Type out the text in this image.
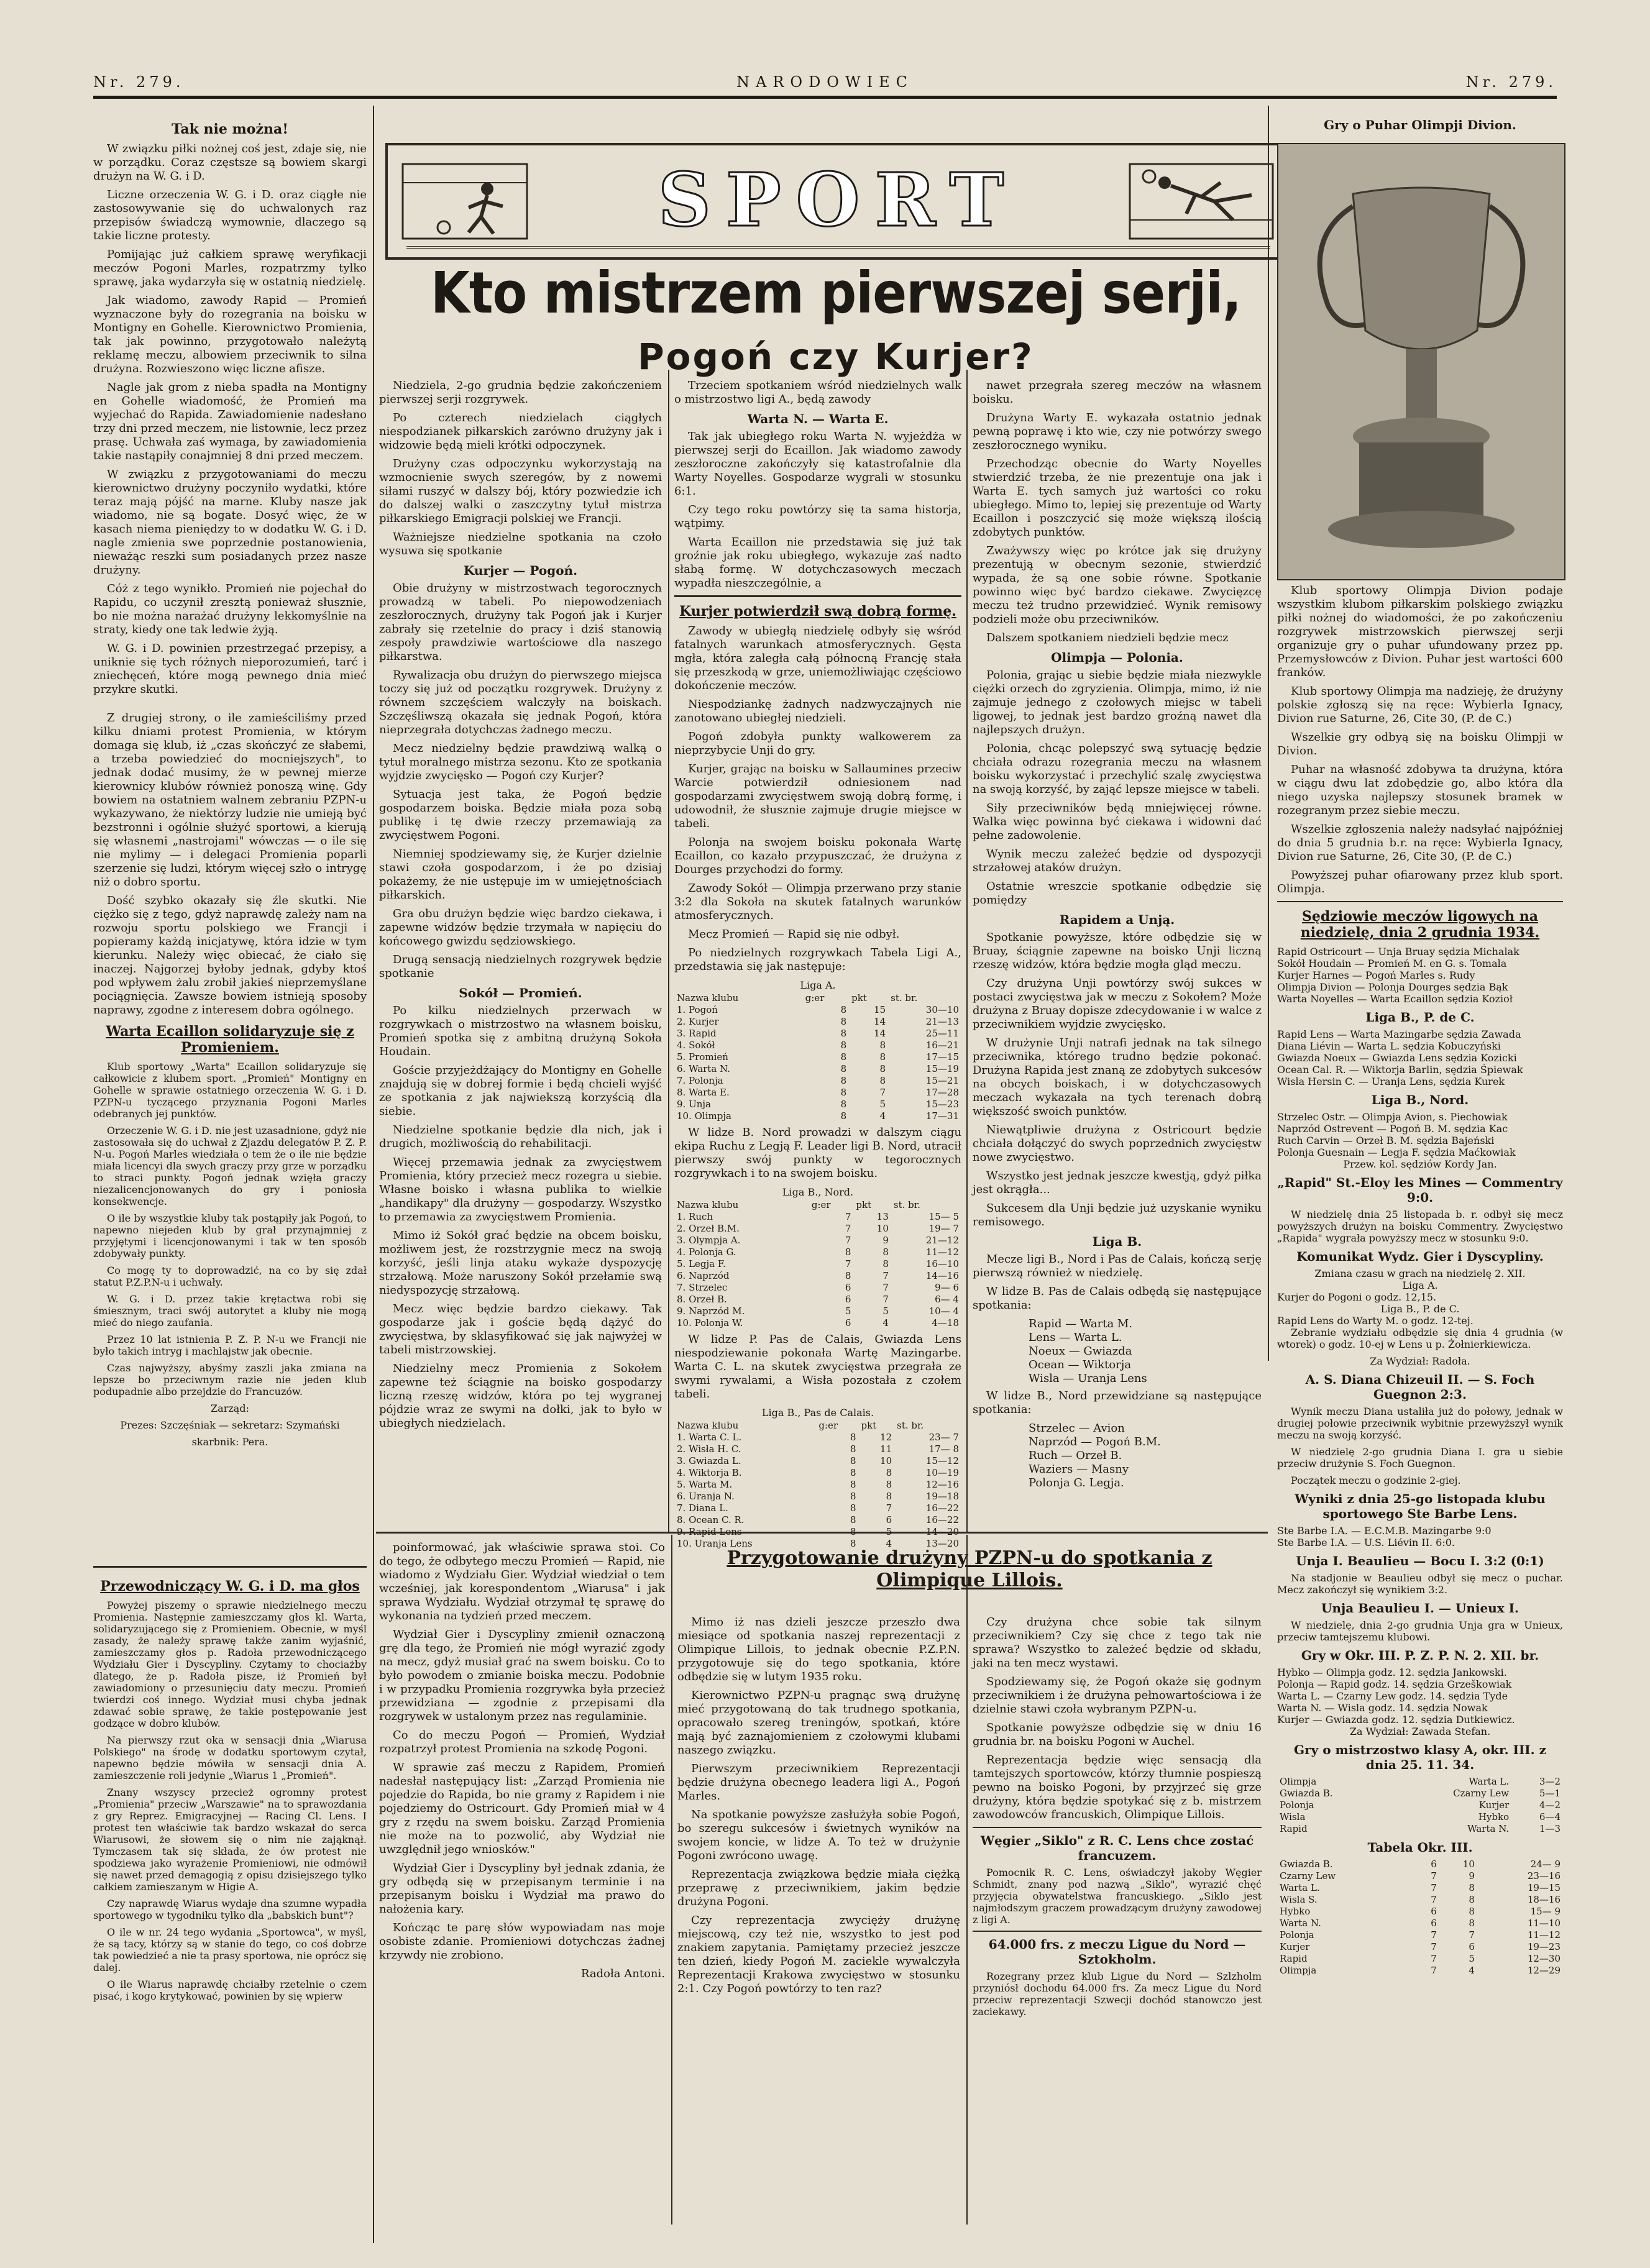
Nr. 279.	NARODOWIEC	Nr. 279.
SPORT
Kto mistrzem pierwszej serji,
Pogoń czy Kurjer?
Gry o Puhar Olimpji Divion.
Tak nie można!

W związku piłki nożnej coś jest, zdaje się, nie w porządku. Coraz częstsze są bowiem skargi drużyn na W. G. i D.

Liczne orzeczenia W. G. i D. oraz ciągłe nie zastosowywanie się do uchwalonych raz przepisów świadczą wymownie, dlaczego są takie liczne protesty.

Pomijając już całkiem sprawę weryfikacji meczów Pogoni Marles, rozpatrzmy tylko sprawę, jaka wydarzyła się w ostatnią niedzielę.

Jak wiadomo, zawody Rapid — Promień wyznaczone były do rozegrania na boisku w Montigny en Gohelle. Kierownictwo Promienia, tak jak powinno, przygotowało należytą reklamę meczu, albowiem przeciwnik to silna drużyna. Rozwieszono więc liczne afisze.

Nagle jak grom z nieba spadła na Montigny en Gohelle wiadomość, że Promień ma wyjechać do Rapida. Zawiadomienie nadesłano trzy dni przed meczem, nie listownie, lecz przez prasę. Uchwała zaś wymaga, by zawiadomienia takie nastąpiły conajmniej 8 dni przed meczem.

W związku z przygotowaniami do meczu kierownictwo drużyny poczyniło wydatki, które teraz mają pójść na marne. Kluby nasze jak wiadomo, nie są bogate. Dosyć więc, że w kasach niema pieniędzy to w dodatku W. G. i D. nagle zmienia swe poprzednie postanowienia, nieważąc reszki sum posiadanych przez nasze drużyny.

Cóż z tego wynikło. Promień nie pojechał do Rapidu, co uczynił zresztą ponieważ słusznie, bo nie można narażać drużyny lekkomyślnie na straty, kiedy one tak ledwie żyją.

W. G. i D. powinien przestrzegać przepisy, a uniknie się tych różnych nieporozumień, tarć i zniechęceń, które mogą pewnego dnia mieć przykre skutki.

Z drugiej strony, o ile zamieściliśmy przed kilku dniami protest Promienia, w którym domaga się klub, iż „czas skończyć ze słabemi, a trzeba powiedzieć do mocniejszych", to jednak dodać musimy, że w pewnej mierze kierownicy klubów również ponoszą winę. Gdy bowiem na ostatniem walnem zebraniu PZPN-u wykazywano, że niektórzy ludzie nie umieją być bezstronni i ogólnie służyć sportowi, a kierują się własnemi „nastrojami" wówczas — o ile się nie mylimy — i delegaci Promienia poparli szerzenie się ludzi, którym więcej szło o intrygę niż o dobro sportu.

Dość szybko okazały się źle skutki. Nie ciężko się z tego, gdyż naprawdę zależy nam na rozwoju sportu polskiego we Francji i popieramy każdą inicjatywę, która idzie w tym kierunku. Należy więc obiecać, że ciało się inaczej. Najgorzej byłoby jednak, gdyby ktoś pod wpływem żalu zrobił jakieś nieprzemyślane pociągnięcia. Zawsze bowiem istnieją sposoby naprawy, zgodne z interesem dobra ogólnego.

Warta Ecaillon solidaryzuje się z Promieniem.

Klub sportowy „Warta" Ecaillon solidaryzuje się całkowicie z klubem sport. „Promień" Montigny en Gohelle w sprawie ostatniego orzeczenia W. G. i D. PZPN-u tyczącego przyznania Pogoni Marles odebranych jej punktów.

Orzeczenie W. G. i D. nie jest uzasadnione, gdyż nie zastosowała się do uchwał z Zjazdu delegatów P. Z. P. N-u. Pogoń Marles wiedziała o tem że o ile nie będzie miała licencyi dla swych graczy przy grze w porządku to straci punkty. Pogoń jednak wzięła graczy niezalicencjonowanych do gry i poniosła konsekwencje.

O ile by wszystkie kluby tak postąpiły jak Pogoń, to napewno niejeden klub by grał przynajmniej z przyjętymi i licencjonowanymi i tak w ten sposób zdobywały punkty.

Co mogę ty to doprowadzić, na co by się zdał statut P.Z.P.N-u i uchwały.

W. G. i D. przez takie krętactwa robi się śmiesznym, traci swój autorytet a kluby nie mogą mieć do niego zaufania.

Przez 10 lat istnienia P. Z. P. N-u we Francji nie było takich intryg i machlajstw jak obecnie.

Czas najwyższy, abyśmy zaszli jaka zmiana na lepsze bo przeciwnym razie nie jeden klub podupadnie albo przejdzie do Francuzów.

Zarząd:

Prezes: Szczęśniak — sekretarz: Szymański

skarbnik: Pera.

Przewodniczący W. G. i D. ma głos

Powyżej piszemy o sprawie niedzielnego meczu Promienia. Następnie zamieszczamy głos kl. Warta, solidaryzującego się z Promieniem. Obecnie, w myśl zasady, że należy sprawę także zanim wyjaśnić, zamieszczamy głos p. Radoła przewodniczącego Wydziału Gier i Dyscypliny. Czytamy to chociażby dlatego, że p. Radoła pisze, iż Promień był zawiadomiony o przesunięciu daty meczu. Promień twierdzi coś innego. Wydział musi chyba jednak zdawać sobie sprawę, że takie postępowanie jest godzące w dobro klubów.

Na pierwszy rzut oka w sensacji dnia „Wiarusa Polskiego" na środę w dodatku sportowym czytał, napewno będzie mówiła w sensacji dnia A. zamieszczenie roli jedynie „Wiarus 1 „Promień".

Znany wszyscy przecież ogromny protest „Promienia" przeciw „Warszawie" na to sprawozdania z gry Reprez. Emigracyjnej — Racing Cl. Lens. I protest ten właściwie tak bardzo wskazał do serca Wiarusowi, że słowem się o nim nie zająknął. Tymczasem tak się składa, że ów protest nie spodziewa jako wyrażenie Promieniowi, nie odmówił się nawet przed demagogią z opisu dzisiejszego tylko całkiem zamieszanym w Higie A.

Czy naprawdę Wiarus wydaje dna szumne wypadła sportowego w tygodniku tylko dla „babskich bunt"?

O ile w nr. 24 tego wydania „Sportowca", w myśl, że są tacy, którzy są w stanie do tego, co coś dobrze tak powiedzieć a nie ta prasy sportowa, nie oprócz się dalej.

O ile Wiarus naprawdę chciałby rzetelnie o czem pisać, i kogo krytykować, powinien by się wpierw

Niedziela, 2-go grudnia będzie zakończeniem pierwszej serji rozgrywek.

Po czterech niedzielach ciągłych niespodzianek piłkarskich zarówno drużyny jak i widzowie będą mieli krótki odpoczynek.

Drużyny czas odpoczynku wykorzystają na wzmocnienie swych szeregów, by z nowemi siłami ruszyć w dalszy bój, który pozwiedzie ich do dalszej walki o zaszczytny tytuł mistrza piłkarskiego Emigracji polskiej we Francji.

Ważniejsze niedzielne spotkania na czoło wysuwa się spotkanie

Kurjer — Pogoń.

Obie drużyny w mistrzostwach tegorocznych prowadzą w tabeli. Po niepowodzeniach zeszłorocznych, drużyny tak Pogoń jak i Kurjer zabrały się rzetelnie do pracy i dziś stanowią zespoły prawdziwie wartościowe dla naszego piłkarstwa.

Rywalizacja obu drużyn do pierwszego miejsca toczy się już od początku rozgrywek. Drużyny z równem szczęściem walczyły na boiskach. Szczęśliwszą okazała się jednak Pogoń, która nieprzegrała dotychczas żadnego meczu.

Mecz niedzielny będzie prawdziwą walką o tytuł moralnego mistrza sezonu. Kto ze spotkania wyjdzie zwycięsko — Pogoń czy Kurjer?

Sytuacja jest taka, że Pogoń będzie gospodarzem boiska. Będzie miała poza sobą publikę i tę dwie rzeczy przemawiają za zwycięstwem Pogoni.

Niemniej spodziewamy się, że Kurjer dzielnie stawi czoła gospodarzom, i że po dzisiaj pokażemy, że nie ustępuje im w umiejętnościach piłkarskich.

Gra obu drużyn będzie więc bardzo ciekawa, i zapewne widzów będzie trzymała w napięciu do końcowego gwizdu sędziowskiego.

Drugą sensacją niedzielnych rozgrywek będzie spotkanie

Sokół — Promień.

Po kilku niedzielnych przerwach w rozgrywkach o mistrzostwo na własnem boisku, Promień spotka się z ambitną drużyną Sokoła Houdain.

Goście przyjeżdżający do Montigny en Gohelle znajdują się w dobrej formie i będą chcieli wyjść ze spotkania z jak najwiekszą korzyścią dla siebie.

Niedzielne spotkanie będzie dla nich, jak i drugich, możliwością do rehabilitacji.

Więcej przemawia jednak za zwycięstwem Promienia, który przecież mecz rozegra u siebie. Własne boisko i własna publika to wielkie „handikapy" dla drużyny — gospodarzy. Wszystko to przemawia za zwycięstwem Promienia.

Mimo iż Sokół grać będzie na obcem boisku, możliwem jest, że rozstrzygnie mecz na swoją korzyść, jeśli linja ataku wykaże dyspozycję strzałową. Może naruszony Sokół przełamie swą niedyspozycję strzałową.

Mecz więc będzie bardzo ciekawy. Tak gospodarze jak i goście będą dążyć do zwycięstwa, by sklasyfikować się jak najwyżej w tabeli mistrzowskiej.

Niedzielny mecz Promienia z Sokołem zapewne też ściągnie na boisko gospodarzy liczną rzeszę widzów, która po tej wygranej pójdzie wraz ze swymi na dołki, jak to było w ubiegłych niedzielach.

Trzeciem spotkaniem wśród niedzielnych walk o mistrzostwo ligi A., będą zawody

Warta N. — Warta E.

Tak jak ubiegłego roku Warta N. wyjeżdża w pierwszej serji do Ecaillon. Jak wiadomo zawody zeszłoroczne zakończyły się katastrofalnie dla Warty Noyelles. Gospodarze wygrali w stosunku 6:1.

Czy tego roku powtórzy się ta sama historja, wątpimy.

Warta Ecaillon nie przedstawia się już tak groźnie jak roku ubiegłego, wykazuje zaś nadto słabą formę. W dotychczasowych meczach wypadła nieszczególnie, a

Kurjer potwierdził swą dobrą formę.

Zawody w ubiegłą niedzielę odbyły się wśród fatalnych warunkach atmosferycznych. Gęsta mgła, która zaległa całą północną Francję stała się przeszkodą w grze, uniemożliwiając częściowo dokończenie meczów.

Niespodziankę żadnych nadzwyczajnych nie zanotowano ubiegłej niedzieli.

Pogoń zdobyła punkty walkowerem za nieprzybycie Unji do gry.

Kurjer, grając na boisku w Sallaumines przeciw Warcie potwierdził odniesionem nad gospodarzami zwycięstwem swoją dobrą formę, i udowodnił, że słusznie zajmuje drugie miejsce w tabeli.

Polonja na swojem boisku pokonała Wartę Ecaillon, co kazało przypuszczać, że drużyna z Dourges przychodzi do formy.

Zawody Sokół — Olimpja przerwano przy stanie 3:2 dla Sokoła na skutek fatalnych warunków atmosferycznych.

Mecz Promień — Rapid się nie odbył.

Po niedzielnych rozgrywkach Tabela Ligi A., przedstawia się jak następuje:

Liga A.
Nazwa klubu	g:er	pkt	st. br.
1. Pogoń	8	15	30—10
2. Kurjer	8	14	21—13
3. Rapid	8	14	25—11
4. Sokół	8	8	16—21
5. Promień	8	8	17—15
6. Warta N.	8	8	15—19
7. Polonja	8	8	15—21
8. Warta E.	8	7	17—28
9. Unja	8	5	15—23
10. Olimpja	8	4	17—31

W lidze B. Nord prowadzi w dalszym ciągu ekipa Ruchu z Legją F. Leader ligi B. Nord, utracił pierwszy swój punkty w tegorocznych rozgrywkach i to na swojem boisku.

Liga B., Nord.
Nazwa klubu	g:er	pkt	st. br.
1. Ruch	7	13	15— 5
2. Orzeł B.M.	7	10	19— 7
3. Olympja A.	7	9	21—12
4. Polonja G.	8	8	11—12
5. Legja F.	7	8	16—10
6. Naprzód	8	7	14—16
7. Strzelec	6	7	9— 6
8. Orzeł B.	6	7	6— 4
9. Naprzód M.	5	5	10— 4
10. Polonja W.	6	4	4—18

W lidze P. Pas de Calais, Gwiazda Lens niespodziewanie pokonała Wartę Mazingarbe. Warta C. L. na skutek zwycięstwa przegrała ze swymi rywalami, a Wisła pozostała z czołem tabeli.

Liga B., Pas de Calais.
Nazwa klubu	g:er	pkt	st. br.
1. Warta C. L.	8	12	23— 7
2. Wisła H. C.	8	11	17— 8
3. Gwiazda L.	8	10	15—12
4. Wiktorja B.	8	8	10—19
5. Warta M.	8	8	12—16
6. Uranja N.	8	8	19—18
7. Diana L.	8	7	16—22
8. Ocean C. R.	8	6	16—22
9. Rapid Lens	8	5	14—20
10. Uranja Lens	8	4	13—20

nawet przegrała szereg meczów na własnem boisku.

Drużyna Warty E. wykazała ostatnio jednak pewną poprawę i kto wie, czy nie potwórzy swego zeszłorocznego wyniku.

Przechodząc obecnie do Warty Noyelles stwierdzić trzeba, że nie prezentuje ona jak i Warta E. tych samych już wartości co roku ubiegłego. Mimo to, lepiej się prezentuje od Warty Ecaillon i poszczycić się może większą ilością zdobytych punktów.

Zważywszy więc po krótce jak się drużyny prezentują w obecnym sezonie, stwierdzić wypada, że są one sobie równe. Spotkanie powinno więc być bardzo ciekawe. Zwycięzcę meczu też trudno przewidzieć. Wynik remisowy podzieli może obu przeciwników.

Dalszem spotkaniem niedzieli będzie mecz

Olimpja — Polonia.

Polonia, grając u siebie będzie miała niezwykle ciężki orzech do zgryzienia. Olimpja, mimo, iż nie zajmuje jednego z czołowych miejsc w tabeli ligowej, to jednak jest bardzo groźną nawet dla najlepszych drużyn.

Polonia, chcąc polepszyć swą sytuację będzie chciała odrazu rozegrania meczu na własnem boisku wykorzystać i przechylić szalę zwycięstwa na swoją korzyść, by zająć lepsze miejsce w tabeli.

Siły przeciwników będą mniejwięcej równe. Walka więc powinna być ciekawa i widowni dać pełne zadowolenie.

Wynik meczu zależeć będzie od dyspozycji strzałowej ataków drużyn.

Ostatnie wreszcie spotkanie odbędzie się pomiędzy

Rapidem a Unją.

Spotkanie powyższe, które odbędzie się w Bruay, ściągnie zapewne na boisko Unji liczną rzeszę widzów, która będzie mogła gląd meczu.

Czy drużyna Unji powtórzy swój sukces w postaci zwycięstwa jak w meczu z Sokołem? Może drużyna z Bruay dopisze zdecydowanie i w walce z przeciwnikiem wyjdzie zwycięsko.

W drużynie Unji natrafi jednak na tak silnego przeciwnika, którego trudno będzie pokonać. Drużyna Rapida jest znaną ze zdobytych sukcesów na obcych boiskach, i w dotychczasowych meczach wykazała na tych terenach dobrą większość swoich punktów.

Niewątpliwie drużyna z Ostricourt będzie chciała dołączyć do swych poprzednich zwycięstw nowe zwycięstwo.

Wszystko jest jednak jeszcze kwestją, gdyż piłka jest okrągła...

Sukcesem dla Unji będzie już uzyskanie wyniku remisowego.

Liga B.

Mecze ligi B., Nord i Pas de Calais, kończą serję pierwszą również w niedzielę.

W lidze B. Pas de Calais odbędą się następujące spotkania:

Rapid — Warta M.
Lens — Warta L.
Noeux — Gwiazda
Ocean — Wiktorja
Wisla — Uranja Lens

W lidze B., Nord przewidziane są następujące spotkania:

Strzelec — Avion
Naprzód — Pogoń B.M.
Ruch — Orzeł B.
Waziers — Masny
Polonja G. Legja.

Klub sportowy Olimpja Divion podaje wszystkim klubom piłkarskim polskiego związku piłki nożnej do wiadomości, że po zakończeniu rozgrywek mistrzowskich pierwszej serji organizuje gry o puhar ufundowany przez pp. Przemysłowców z Divion. Puhar jest wartości 600 franków.

Klub sportowy Olimpja ma nadzieję, że drużyny polskie zgłoszą się na ręce: Wybierla Ignacy, Divion rue Saturne, 26, Cite 30, (P. de C.)

Wszelkie gry odbyą się na boisku Olimpji w Divion.

Puhar na własność zdobywa ta drużyna, która w ciągu dwu lat zdobędzie go, albo która dla niego uzyska najlepszy stosunek bramek w rozegranym przez siebie meczu.

Wszelkie zgłoszenia należy nadsyłać najpóźniej do dnia 5 grudnia b.r. na ręce: Wybierla Ignacy, Divion rue Saturne, 26, Cite 30, (P. de C.)

Powyższej puhar ofiarowany przez klub sport. Olimpja.

Sędziowie meczów ligowych na niedzielę, dnia 2 grudnia 1934.
Rapid Ostricourt — Unja Bruay sędzia Michalak
Sokół Houdain — Promień M. en G. s. Tomala
Kurjer Harnes — Pogoń Marles s. Rudy
Olimpja Divion — Polonja Dourges sędzia Bąk
Warta Noyelles — Warta Ecaillon sędzia Kozioł
Liga B., P. de C.
Rapid Lens — Warta Mazingarbe sędzia Zawada
Diana Liévin — Warta L. sędzia Kobuczyński
Gwiazda Noeux — Gwiazda Lens sędzia Kozicki
Ocean Cal. R. — Wiktorja Barlin, sędzia Śpiewak
Wisla Hersin C. — Uranja Lens, sędzia Kurek
Liga B., Nord.
Strzelec Ostr. — Olimpja Avion, s. Piechowiak
Naprzód Ostrevent — Pogoń B. M. sędzia Kac
Ruch Carvin — Orzeł B. M. sędzia Bajeński
Polonja Guesnain — Legja F. sędzia Maćkowiak
Przew. kol. sędziów Kordy Jan.
„Rapid" St.-Eloy les Mines — Commentry 9:0.

W niedzielę dnia 25 listopada b. r. odbył się mecz powyższych drużyn na boisku Commentry. Zwycięstwo „Rapida" wygrała powyższy mecz w stosunku 9:0.

Komunikat Wydz. Gier i Dyscypliny.
Zmiana czasu w grach na niedzielę 2. XII.
Liga A.
Kurjer do Pogoni o godz. 12,15.
Liga B., P. de C.
Rapid Lens do Warty M. o godz. 12-tej.

Zebranie wydziału odbędzie się dnia 4 grudnia (w wtorek) o godz. 10-ej w Lens u p. Żołnierkiewicza.

Za Wydział: Radoła.
A. S. Diana Chizeuil II. — S. Foch Guegnon 2:3.

Wynik meczu Diana ustaliła już do połowy, jednak w drugiej połowie przeciwnik wybitnie przewyższył wynik meczu na swoją korzyść.

W niedzielę 2-go grudnia Diana I. gra u siebie przeciw drużynie S. Foch Guegnon.

Początek meczu o godzinie 2-giej.

Wyniki z dnia 25-go listopada klubu sportowego Ste Barbe Lens.
Ste Barbe I.A. — E.C.M.B. Mazingarbe 9:0
Ste Barbe I.A. — U.S. Liévin II. 6:0.
Unja I. Beaulieu — Bocu I. 3:2 (0:1)

Na stadjonie w Beaulieu odbył się mecz o puchar. Mecz zakończył się wynikiem 3:2.

Unja Beaulieu I. — Unieux I.

W niedzielę, dnia 2-go grudnia Unja gra w Unieux, przeciw tamtejszemu klubowi.

Gry w Okr. III. P. Z. P. N. 2. XII. br.
Hybko — Olimpja godz. 12. sędzia Jankowski.
Polonja — Rapid godz. 14. sędzia Grzeškowiak
Warta L. — Czarny Lew godz. 14. sędzia Tyde
Warta N. — Wisla godz. 14. sędzia Nowak
Kurjer — Gwiazda godz. 12. sędzia Dutkiewicz.
Za Wydział: Zawada Stefan.
Gry o mistrzostwo klasy A, okr. III. z dnia 25. 11. 34.
Olimpja	Warta L.	3—2
Gwiazda B.	Czarny Lew	5—1
Polonja	Kurjer	4—2
Wisla	Hybko	6—4
Rapid	Warta N.	1—3
Tabela Okr. III.
Gwiazda B.	6	10	24— 9
Czarny Lew	7	9	23—16
Warta L.	7	8	19—15
Wisla S.	7	8	18—16
Hybko	6	8	15— 9
Warta N.	6	8	11—10
Polonja	7	7	11—12
Kurjer	7	6	19—23
Rapid	7	5	12—30
Olimpja	7	4	12—29

poinformować, jak właściwie sprawa stoi. Co do tego, że odbytego meczu Promień — Rapid, nie wiadomo z Wydziału Gier. Wydział wiedział o tem wcześniej, jak korespondentom „Wiarusa" i jak sprawa Wydziału. Wydział otrzymał tę sprawę do wykonania na tydzień przed meczem.

Wydział Gier i Dyscypliny zmienił oznaczoną grę dla tego, że Promień nie mógł wyrazić zgody na mecz, gdyż musiał grać na swem boisku. Co to było powodem o zmianie boiska meczu. Podobnie i w przypadku Promienia rozgrywka była przecież przewidziana — zgodnie z przepisami dla rozgrywek w ustalonym przez nas regulaminie.

Co do meczu Pogoń — Promień, Wydział rozpatrzył protest Promienia na szkodę Pogoni.

W sprawie zaś meczu z Rapidem, Promień nadesłał następujący list: „Zarząd Promienia nie pojedzie do Rapida, bo nie gramy z Rapidem i nie pojedziemy do Ostricourt. Gdy Promień miał w 4 gry z rzędu na swem boisku. Zarząd Promienia nie może na to pozwolić, aby Wydział nie uwzględnił jego wniosków."

Wydział Gier i Dyscypliny był jednak zdania, że gry odbędą się w przepisanym terminie i na przepisanym boisku i Wydział ma prawo do nałożenia kary.

Kończąc te parę słów wypowiadam nas moje osobiste zdanie. Promieniowi dotychczas żadnej krzywdy nie zrobiono.

Radoła Antoni.

Przygotowanie drużyny PZPN-u do spotkania z Olimpique Lillois.

Mimo iż nas dzieli jeszcze przeszło dwa miesiące od spotkania naszej reprezentacji z Olimpique Lillois, to jednak obecnie P.Z.P.N. przygotowuje się do tego spotkania, które odbędzie się w lutym 1935 roku.

Kierownictwo PZPN-u pragnąc swą drużynę mieć przygotowaną do tak trudnego spotkania, opracowało szereg treningów, spotkań, które mają być zaznajomieniem z czołowymi klubami naszego związku.

Pierwszym przeciwnikiem Reprezentacji będzie drużyna obecnego leadera ligi A., Pogoń Marles.

Na spotkanie powyższe zasłużyła sobie Pogoń, bo szeregu sukcesów i świetnych wyników na swojem koncie, w lidze A. To też w drużynie Pogoni zwrócono uwagę.

Reprezentacja związkowa będzie miała ciężką przeprawę z przeciwnikiem, jakim będzie drużyna Pogoni.

Czy reprezentacja zwycięży drużynę miejscową, czy też nie, wszystko to jest pod znakiem zapytania. Pamiętamy przecież jeszcze ten dzień, kiedy Pogoń M. zaciekle wywalczyła Reprezentacji Krakowa zwycięstwo w stosunku 2:1. Czy Pogoń powtórzy to ten raz?

Czy drużyna chce sobie tak silnym przeciwnikiem? Czy się chce z tego tak nie sprawa? Wszystko to zależeć będzie od składu, jaki na ten mecz wystawi.

Spodziewamy się, że Pogoń okaże się godnym przeciwnikiem i że drużyna pełnowartościowa i że dzielnie stawi czoła wybranym PZPN-u.

Spotkanie powyższe odbędzie się w dniu 16 grudnia br. na boisku Pogoni w Auchel.

Reprezentacja będzie więc sensacją dla tamtejszych sportowców, którzy tłumnie pospieszą pewno na boisko Pogoni, by przyjrzeć się grze drużyny, która będzie spotykać się z b. mistrzem zawodowców francuskich, Olimpique Lillois.

Węgier „Siklo" z R. C. Lens chce zostać francuzem.

Pomocnik R. C. Lens, oświadczył jakoby Węgier Schmidt, znany pod nazwą „Siklo", wyrazić chęć przyjęcia obywatelstwa francuskiego. „Siklo jest najmłodszym graczem prowadzącym drużyny zawodowej z ligi A.

64.000 frs. z meczu Ligue du Nord — Sztokholm.

Rozegrany przez klub Ligue du Nord — Szlzholm przyniósł dochodu 64.000 frs. Za mecz Ligue du Nord przeciw reprezentacji Szwecji dochód stanowczo jest zaciekawy.
